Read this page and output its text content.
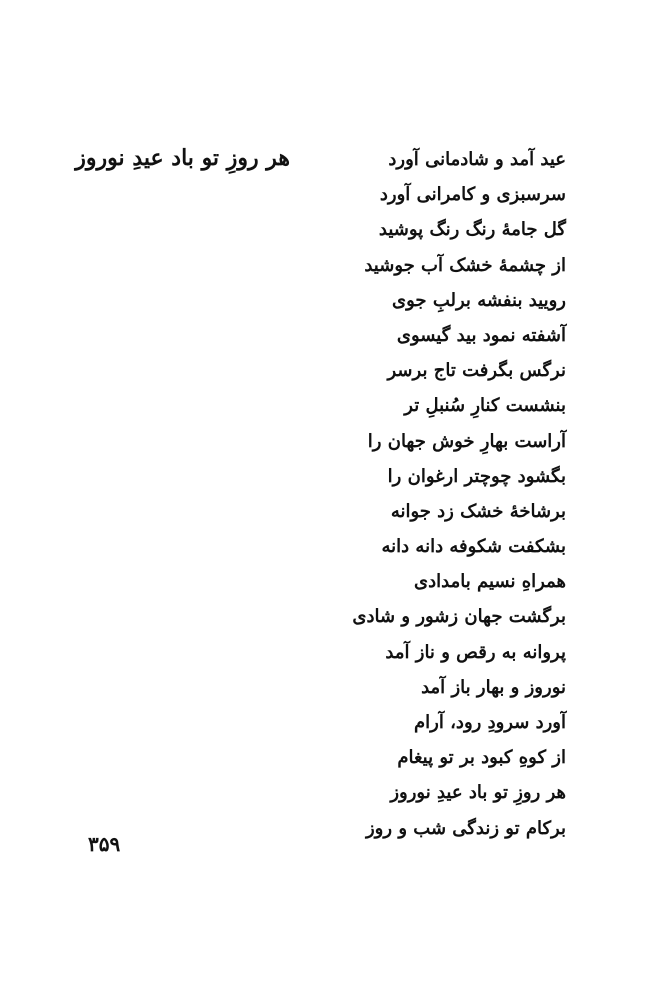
هر روزِ تو باد عیدِ نوروز	عید آمد و شادمانی آورد
سرسبزی و کامرانی آورد
گل جامهٔ رنگ رنگ پوشید
از چشمهٔ خشک آب جوشید
رویید بنفشه برلبِ جوی
آشفته نمود بید گیسوی
نرگس بگرفت تاج برسر
بنشست کنارِ سُنبلِ تر
آراست بهارِ خوش جهان را
بگشود چوچتر ارغوان را
برشاخهٔ خشک زد جوانه
بشکفت شکوفه دانه دانه
همراهِ نسیم بامدادی
برگشت جهان زشور و شادی
پروانه به رقص و ناز آمد
نوروز و بهار باز آمد
آورد سرودِ رود، آرام
از کوهِ کبود بر تو پیغام
هر روزِ تو باد عیدِ نوروز
برکام تو زندگی شب و روز
۳۵۹
